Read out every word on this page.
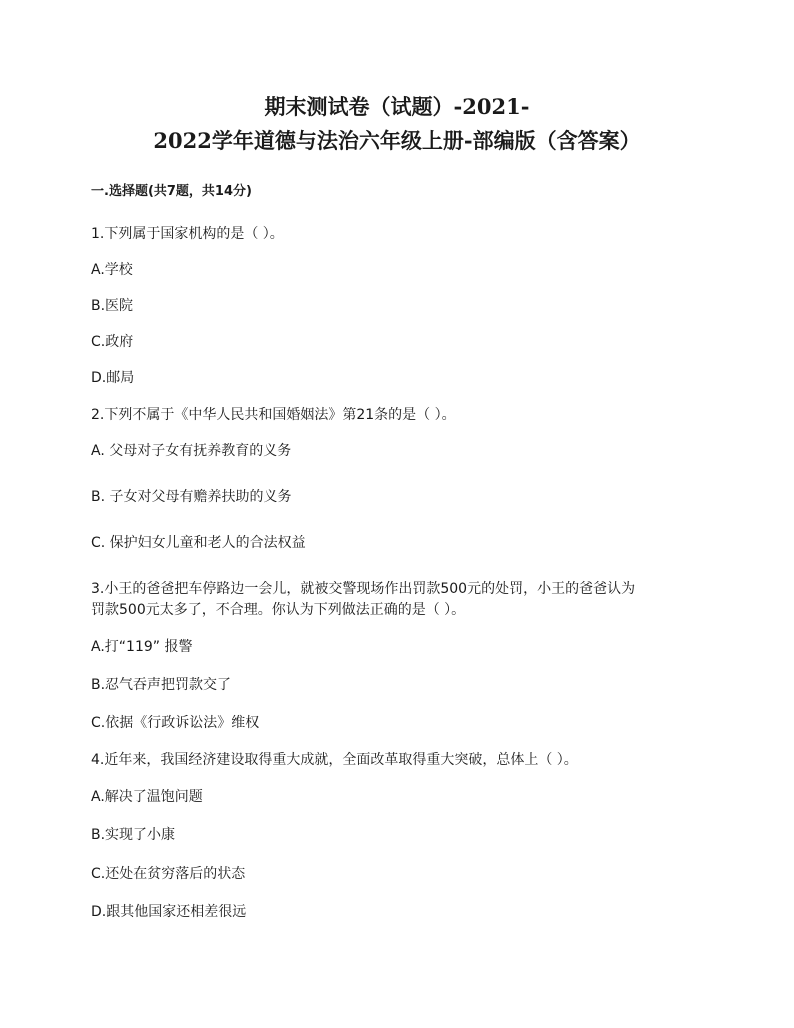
期末测试卷（试题）-2021-
2022学年道德与法治六年级上册-部编版（含答案）
一.选择题(共7题，共14分)
1.下列属于国家机构的是（ ）。
A.学校
B.医院
C.政府
D.邮局
2.下列不属于《中华人民共和国婚姻法》第21条的是（ ）。
A. 父母对子女有抚养教育的义务
B. 子女对父母有赡养扶助的义务
C. 保护妇女儿童和老人的合法权益
3.小王的爸爸把车停路边一会儿，就被交警现场作出罚款500元的处罚，小王的爸爸认为
罚款500元太多了，不合理。你认为下列做法正确的是（ ）。
A.打“119” 报警
B.忍气吞声把罚款交了
C.依据《行政诉讼法》维权
4.近年来，我国经济建设取得重大成就，全面改革取得重大突破，总体上（ ）。
A.解决了温饱问题
B.实现了小康
C.还处在贫穷落后的状态
D.跟其他国家还相差很远
